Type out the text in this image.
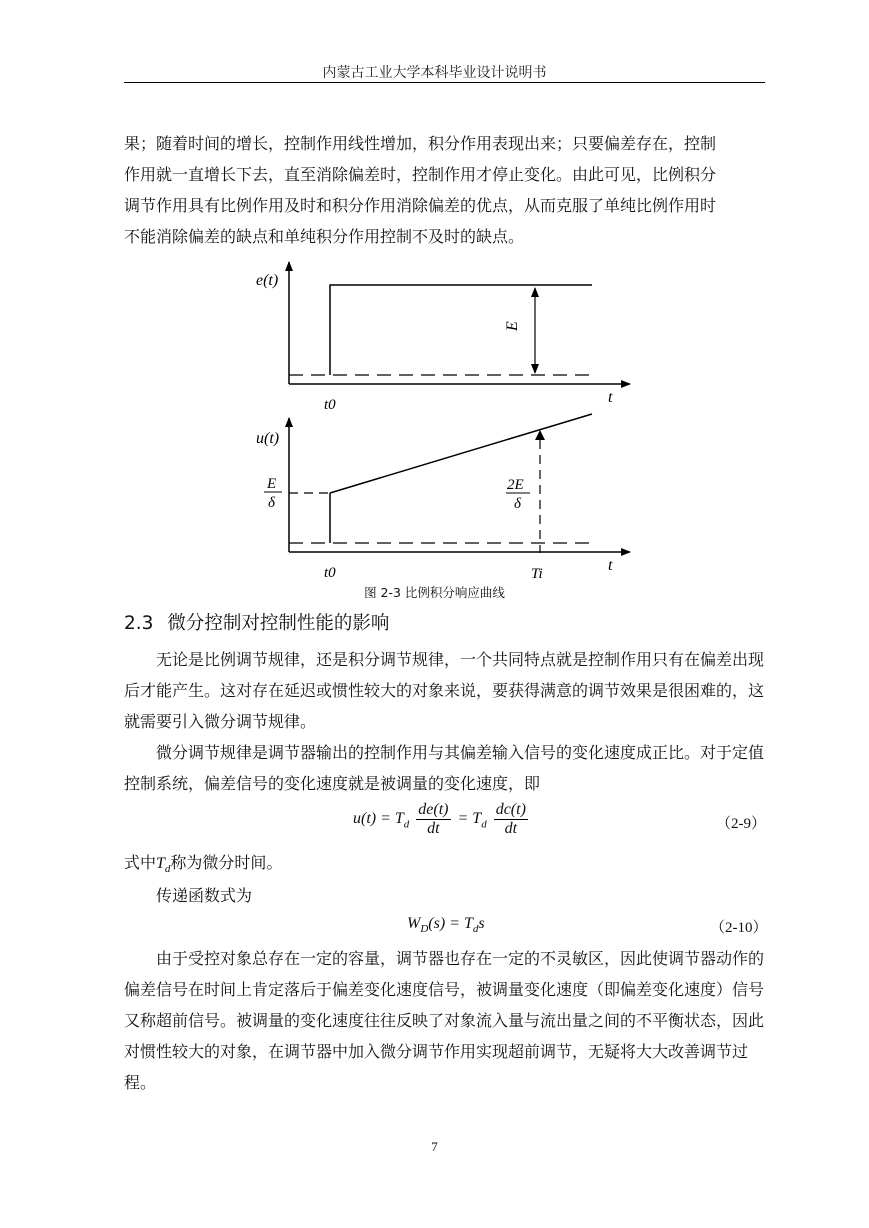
内蒙古工业大学本科毕业设计说明书
果；随着时间的增长，控制作用线性增加，积分作用表现出来；只要偏差存在，控制
作用就一直增长下去，直至消除偏差时，控制作用才停止变化。由此可见，比例积分
调节作用具有比例作用及时和积分作用消除偏差的优点，从而克服了单纯比例作用时
不能消除偏差的缺点和单纯积分作用控制不及时的缺点。
e(t)
t
t0
E
u(t)
t
t0	Ti
E
δ
2E
δ
图 2-3 比例积分响应曲线
2.3 微分控制对控制性能的影响

无论是比例调节规律，还是积分调节规律，一个共同特点就是控制作用只有在偏差出现后才能产生。这对存在延迟或惯性较大的对象来说，要获得满意的调节效果是很困难的，这就需要引入微分调节规律。

微分调节规律是调节器输出的控制作用与其偏差输入信号的变化速度成正比。对于定值控制系统，偏差信号的变化速度就是被调量的变化速度，即

$u(t) = T_d \frac{de(t)}{dt} = T_d \frac{dc(t)}{dt}$	（2-9）
式中$T_d$称为微分时间。

传递函数式为

$W_D(s) = T_ds$	（2-10）

由于受控对象总存在一定的容量，调节器也存在一定的不灵敏区，因此使调节器动作的偏差信号在时间上肯定落后于偏差变化速度信号，被调量变化速度（即偏差变化速度）信号又称超前信号。被调量的变化速度往往反映了对象流入量与流出量之间的不平衡状态，因此对惯性较大的对象，在调节器中加入微分调节作用实现超前调节，无疑将大大改善调节过程。

7
